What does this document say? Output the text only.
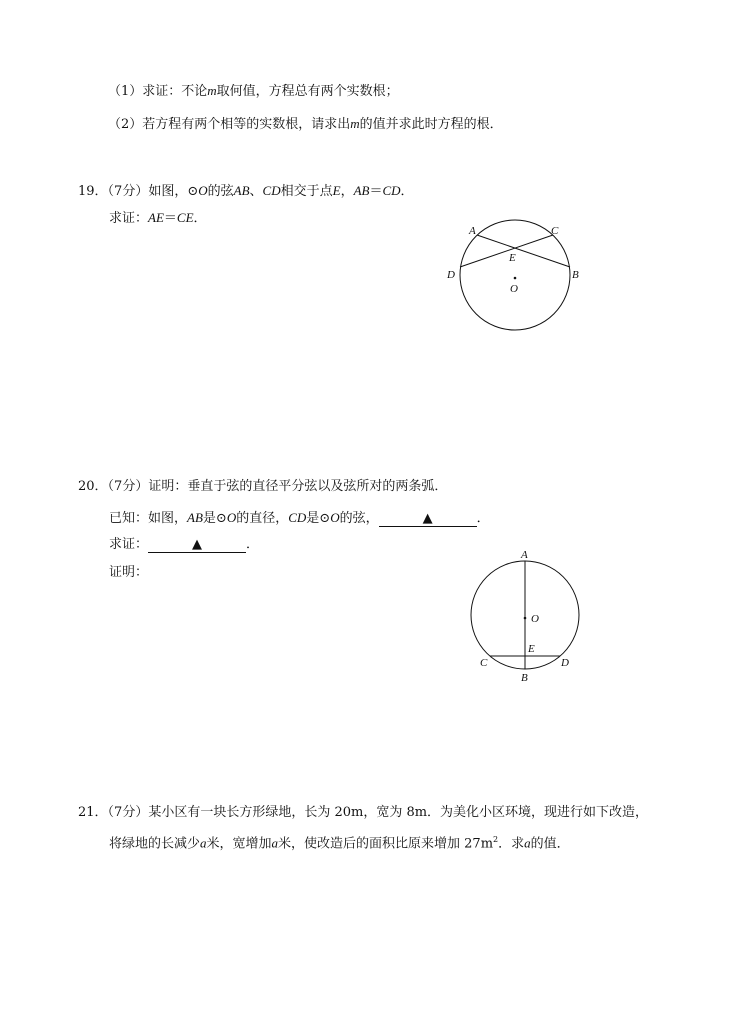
（1）求证：不论m取何值，方程总有两个实数根；
（2）若方程有两个相等的实数根，请求出m的值并求此时方程的根．
19．（7分）如图，⊙O的弦AB、CD相交于点E，AB＝CD．
求证：AE＝CE．
A	C
E
D	B
O
20．（7分）证明：垂直于弦的直径平分弦以及弦所对的两条弧．
已知：如图，AB是⊙O的直径，CD是⊙O的弦，	▲	．
求证：	▲	．
证明：
A
O
E
C	D
B
21．（7分）某小区有一块长方形绿地，长为 20m，宽为 8m．为美化小区环境，现进行如下改造，
将绿地的长减少a米，宽增加a米，使改造后的面积比原来增加 $27m^2$．求a的值．
